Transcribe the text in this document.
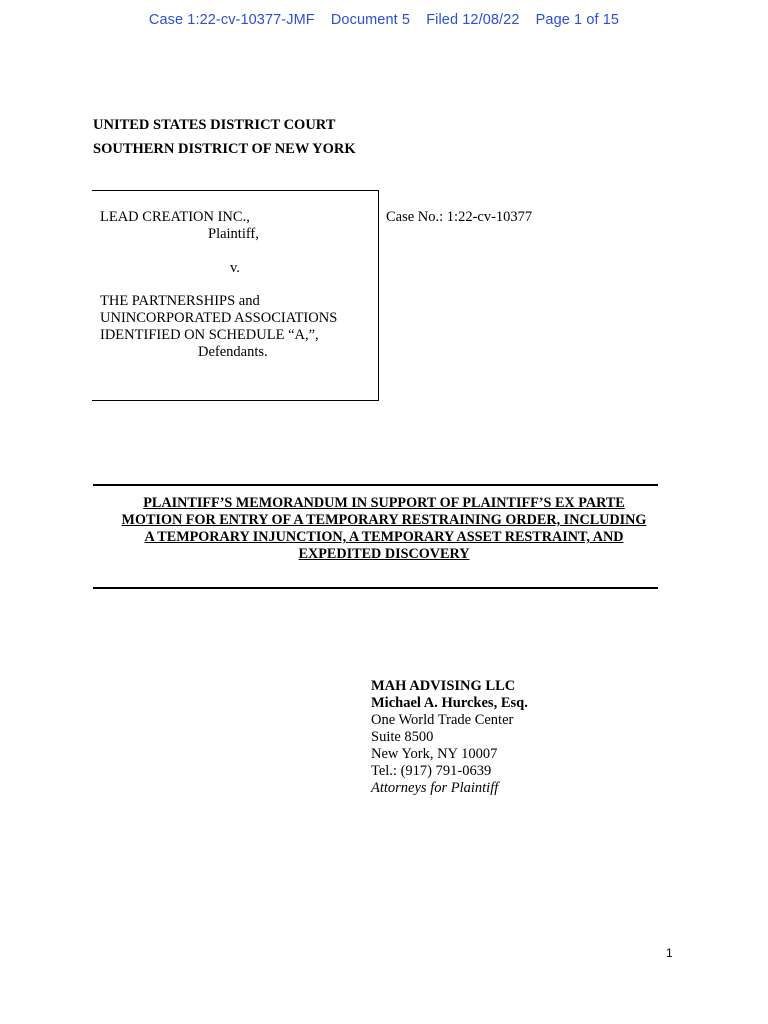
Case 1:22-cv-10377-JMF Document 5 Filed 12/08/22 Page 1 of 15
UNITED STATES DISTRICT COURT
SOUTHERN DISTRICT OF NEW YORK
LEAD CREATION INC.,
Plaintiff,
v.
THE PARTNERSHIPS and
UNINCORPORATED ASSOCIATIONS
IDENTIFIED ON SCHEDULE “A,”,
Defendants.
Case No.: 1:22-cv-10377
PLAINTIFF’S MEMORANDUM IN SUPPORT OF PLAINTIFF’S EX PARTE
MOTION FOR ENTRY OF A TEMPORARY RESTRAINING ORDER, INCLUDING
A TEMPORARY INJUNCTION, A TEMPORARY ASSET RESTRAINT, AND
EXPEDITED DISCOVERY
MAH ADVISING LLC
Michael A. Hurckes, Esq.
One World Trade Center
Suite 8500
New York, NY 10007
Tel.: (917) 791-0639
Attorneys for Plaintiff
1
